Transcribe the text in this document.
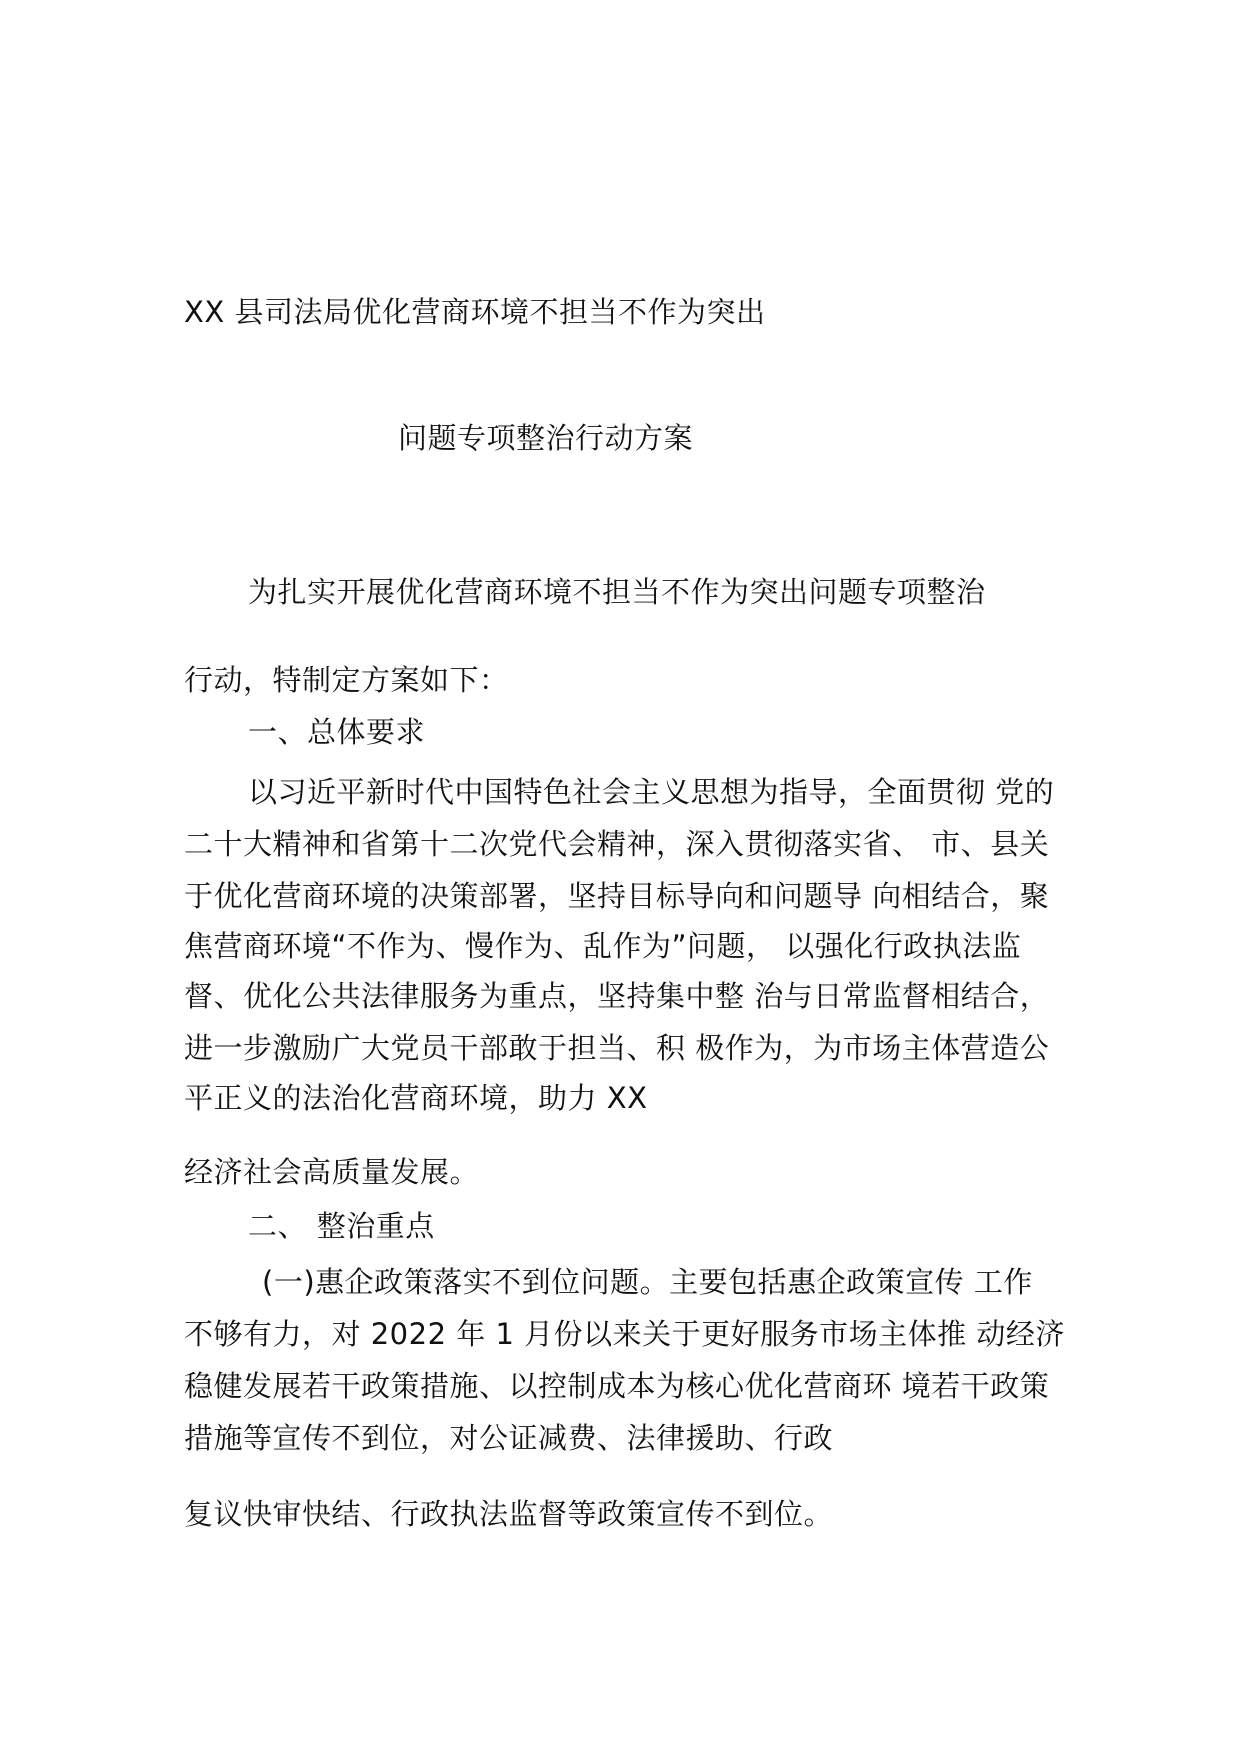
XX 县司法局优化营商环境不担当不作为突出
问题专项整治行动方案
为扎实开展优化营商环境不担当不作为突出问题专项整治
行动，特制定方案如下：
一、总体要求
以习近平新时代中国特色社会主义思想为指导，全面贯彻 党的
二十大精神和省第十二次党代会精神，深入贯彻落实省、 市、县关
于优化营商环境的决策部署，坚持目标导向和问题导 向相结合，聚
焦营商环境“不作为、慢作为、乱作为”问题， 以强化行政执法监
督、优化公共法律服务为重点，坚持集中整 治与日常监督相结合，
进一步激励广大党员干部敢于担当、积 极作为，为市场主体营造公
平正义的法治化营商环境，助力 XX
经济社会高质量发展。
二、 整治重点
(一)惠企政策落实不到位问题。主要包括惠企政策宣传 工作
不够有力，对 2022 年 1 月份以来关于更好服务市场主体推 动经济
稳健发展若干政策措施、以控制成本为核心优化营商环 境若干政策
措施等宣传不到位，对公证减费、法律援助、行政
复议快审快结、行政执法监督等政策宣传不到位。
